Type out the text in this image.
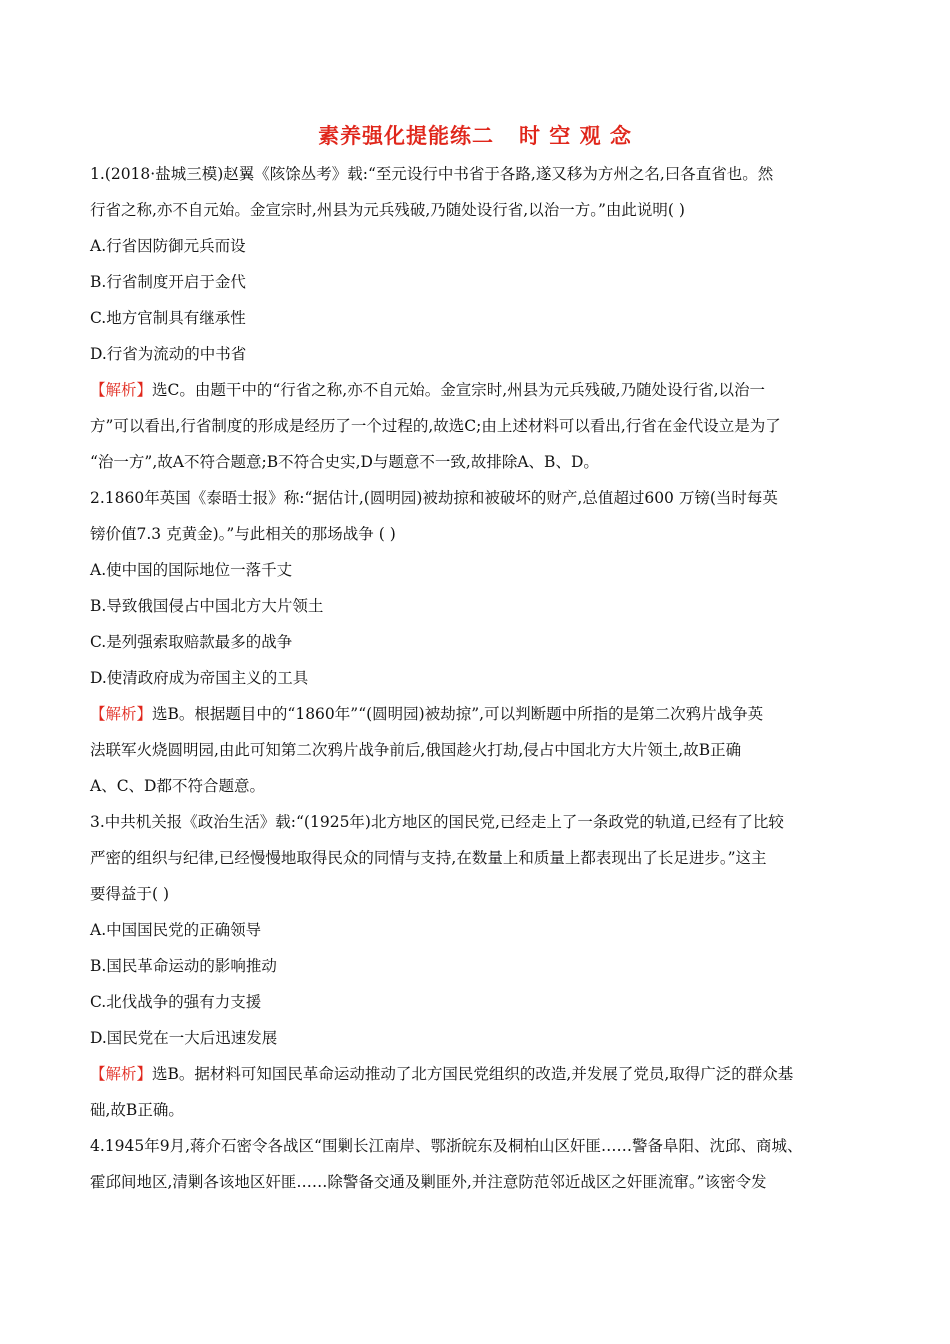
素养强化提能练二   时 空 观 念
1.(2018·盐城三模)赵翼《陔馀丛考》载:“至元设行中书省于各路,遂又移为方州之名,曰各直省也。然
行省之称,亦不自元始。金宣宗时,州县为元兵残破,乃随处设行省,以治一方。”由此说明( )
A.行省因防御元兵而设
B.行省制度开启于金代
C.地方官制具有继承性
D.行省为流动的中书省
【解析】 选C。由题干中的“行省之称,亦不自元始。金宣宗时,州县为元兵残破,乃随处设行省,以治一
方”可以看出,行省制度的形成是经历了一个过程的,故选C;由上述材料可以看出,行省在金代设立是为了
“治一方”,故A不符合题意;B不符合史实,D与题意不一致,故排除A、B、D。
2.1860年英国《泰晤士报》称:“据估计,(圆明园)被劫掠和被破坏的财产,总值超过600 万镑(当时每英
镑价值7.3 克黄金)。”与此相关的那场战争 ( )
A.使中国的国际地位一落千丈
B.导致俄国侵占中国北方大片领土
C.是列强索取赔款最多的战争
D.使清政府成为帝国主义的工具
【解析】 选B。根据题目中的“1860年”“(圆明园)被劫掠”,可以判断题中所指的是第二次鸦片战争英
法联军火烧圆明园,由此可知第二次鸦片战争前后,俄国趁火打劫,侵占中国北方大片领土,故B正确
A、C、D都不符合题意。
3.中共机关报《政治生活》载:“(1925年)北方地区的国民党,已经走上了一条政党的轨道,已经有了比较
严密的组织与纪律,已经慢慢地取得民众的同情与支持,在数量上和质量上都表现出了长足进步。”这主
要得益于( )
A.中国国民党的正确领导
B.国民革命运动的影响推动
C.北伐战争的强有力支援
D.国民党在一大后迅速发展
【解析】 选B。据材料可知国民革命运动推动了北方国民党组织的改造,并发展了党员,取得广泛的群众基
础,故B正确。
4.1945年9月,蒋介石密令各战区“围剿长江南岸、鄂浙皖东及桐柏山区奸匪……警备阜阳、沈邱、商城、
霍邱间地区,清剿各该地区奸匪……除警备交通及剿匪外,并注意防范邻近战区之奸匪流窜。”该密令发
